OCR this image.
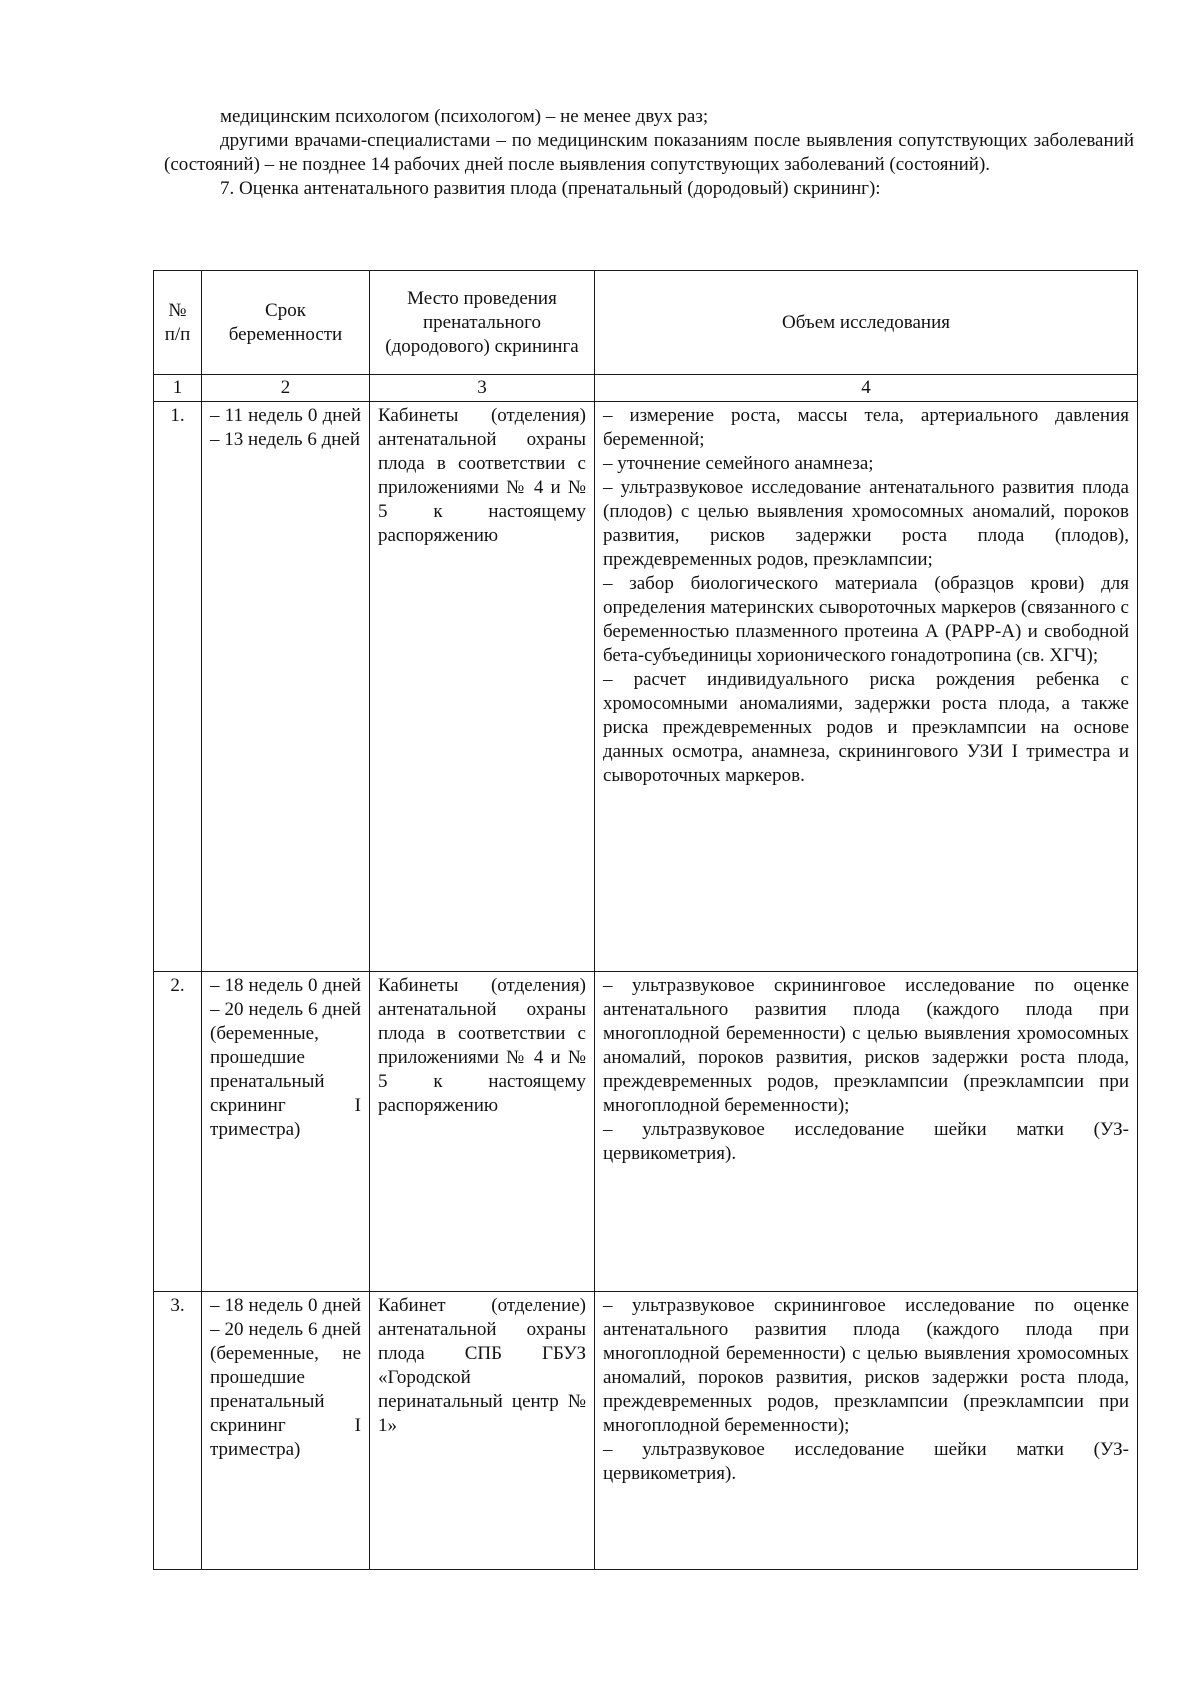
медицинским психологом (психологом) – не менее двух раз;

другими врачами-специалистами – по медицинским показаниям после выявления сопутствующих заболеваний (состояний) – не позднее 14 рабочих дней после выявления сопутствующих заболеваний (состояний).

7. Оценка антенатального развития плода (пренатальный (дородовый) скрининг):

№ п/п	Срок беременности	Место проведения пренатального (дородового) скрининга	Объем исследования
1	2	3	4
1.	– 11 недель 0 дней – 13 недель 6 дней	Кабинеты (отделения) антенатальной охраны плода в соответствии с приложениями № 4 и № 5 к настоящему распоряжению	– измерение роста, массы тела, артериального давления беременной;
– уточнение семейного анамнеза;
– ультразвуковое исследование антенатального развития плода (плодов) с целью выявления хромосомных аномалий, пороков развития, рисков задержки роста плода (плодов), преждевременных родов, преэклампсии;
– забор биологического материала (образцов крови) для определения материнских сывороточных маркеров (связанного с беременностью плазменного протеина А (PAPP-A) и свободной бета-субъединицы хорионического гонадотропина (св. ХГЧ);
– расчет индивидуального риска рождения ребенка с хромосомными аномалиями, задержки роста плода, а также риска преждевременных родов и преэклампсии на основе данных осмотра, анамнеза, скринингового УЗИ I триместра и сывороточных маркеров.

2.	– 18 недель 0 дней – 20 недель 6 дней (беременные, прошедшие пренатальный скрининг I триместра)	Кабинеты (отделения) антенатальной охраны плода в соответствии с приложениями № 4 и № 5 к настоящему распоряжению	– ультразвуковое скрининговое исследование по оценке антенатального развития плода (каждого плода при многоплодной беременности) с целью выявления хромосомных аномалий, пороков развития, рисков задержки роста плода, преждевременных родов, преэклампсии (преэклампсии при многоплодной беременности);
– ультразвуковое исследование шейки матки (УЗ-цервикометрия).

3.	– 18 недель 0 дней – 20 недель 6 дней (беременные, не прошедшие пренатальный скрининг I триместра)	Кабинет (отделение) антенатальной охраны плода СПБ ГБУЗ «Городской перинатальный центр № 1»	– ультразвуковое скрининговое исследование по оценке антенатального развития плода (каждого плода при многоплодной беременности) с целью выявления хромосомных аномалий, пороков развития, рисков задержки роста плода, преждевременных родов, презклампсии (преэклампсии при многоплодной беременности);
– ультразвуковое исследование шейки матки (УЗ-цервикометрия).
